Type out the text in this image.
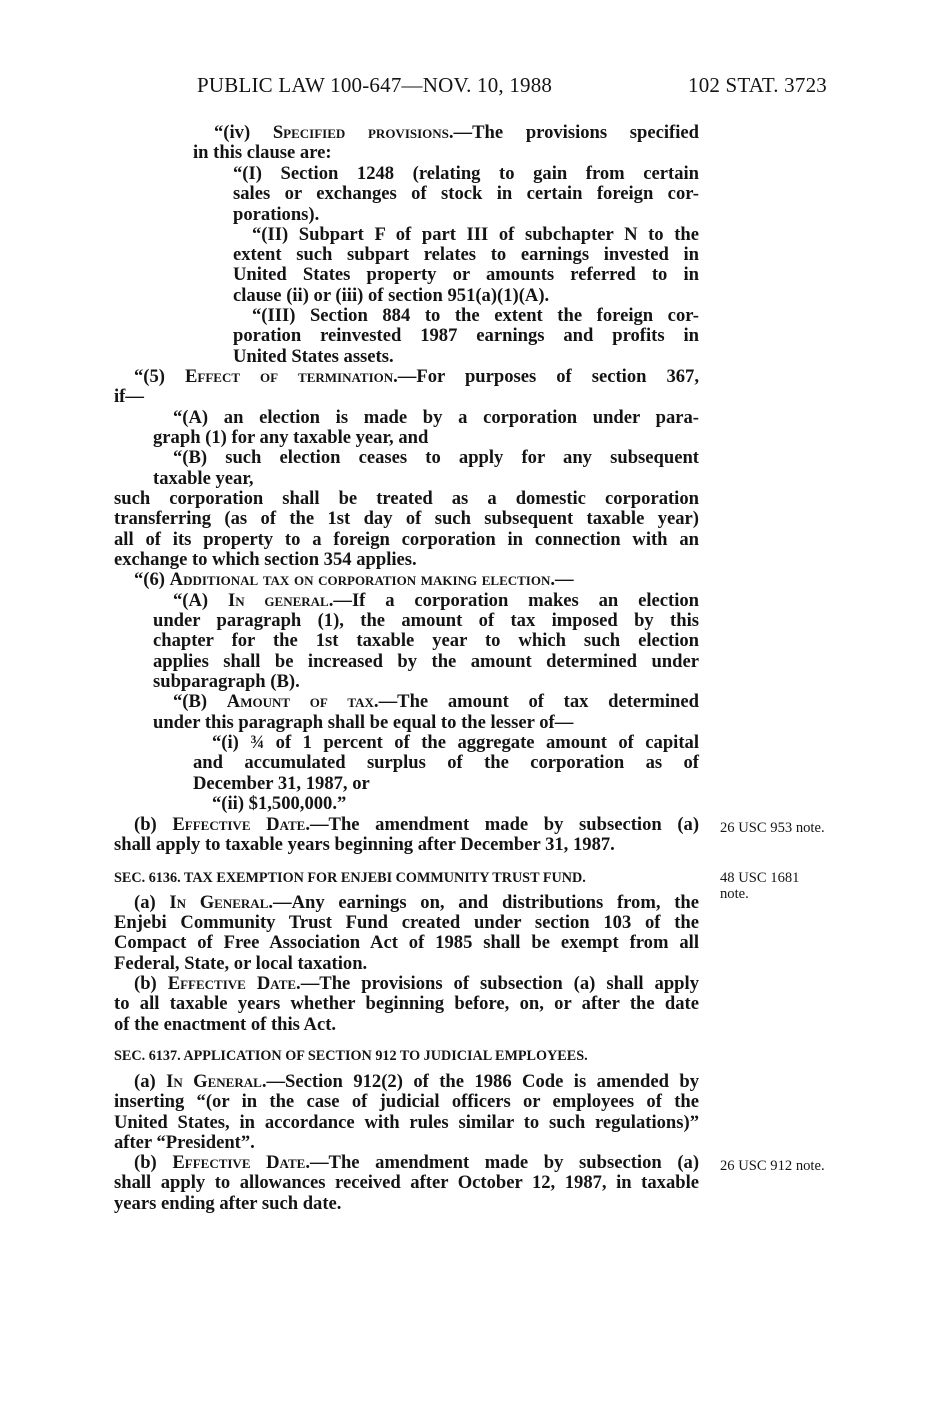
PUBLIC LAW 100-647—NOV. 10, 1988	102 STAT. 3723
“(iv) Specified provisions.—The provisions specified
in this clause are:
“(I) Section 1248 (relating to gain from certain
sales or exchanges of stock in certain foreign cor-
porations).
“(II) Subpart F of part III of subchapter N to the
extent such subpart relates to earnings invested in
United States property or amounts referred to in
clause (ii) or (iii) of section 951(a)(1)(A).
“(III) Section 884 to the extent the foreign cor-
poration reinvested 1987 earnings and profits in
United States assets.
“(5) Effect of termination.—For purposes of section 367,
if—
“(A) an election is made by a corporation under para-
graph (1) for any taxable year, and
“(B) such election ceases to apply for any subsequent
taxable year,
such corporation shall be treated as a domestic corporation
transferring (as of the 1st day of such subsequent taxable year)
all of its property to a foreign corporation in connection with an
exchange to which section 354 applies.
“(6) Additional tax on corporation making election.—
“(A) In general.—If a corporation makes an election
under paragraph (1), the amount of tax imposed by this
chapter for the 1st taxable year to which such election
applies shall be increased by the amount determined under
subparagraph (B).
“(B) Amount of tax.—The amount of tax determined
under this paragraph shall be equal to the lesser of—
“(i) ¾ of 1 percent of the aggregate amount of capital
and accumulated surplus of the corporation as of
December 31, 1987, or
“(ii) $1,500,000.”
(b) Effective Date.—The amendment made by subsection (a)
shall apply to taxable years beginning after December 31, 1987.
26 USC 953 note.
SEC. 6136. TAX EXEMPTION FOR ENJEBI COMMUNITY TRUST FUND.	48 USC 1681
note.
(a) In General.—Any earnings on, and distributions from, the
Enjebi Community Trust Fund created under section 103 of the
Compact of Free Association Act of 1985 shall be exempt from all
Federal, State, or local taxation.
(b) Effective Date.—The provisions of subsection (a) shall apply
to all taxable years whether beginning before, on, or after the date
of the enactment of this Act.
SEC. 6137. APPLICATION OF SECTION 912 TO JUDICIAL EMPLOYEES.
(a) In General.—Section 912(2) of the 1986 Code is amended by
inserting “(or in the case of judicial officers or employees of the
United States, in accordance with rules similar to such regulations)”
after “President”.
(b) Effective Date.—The amendment made by subsection (a)
shall apply to allowances received after October 12, 1987, in taxable
years ending after such date.
26 USC 912 note.
